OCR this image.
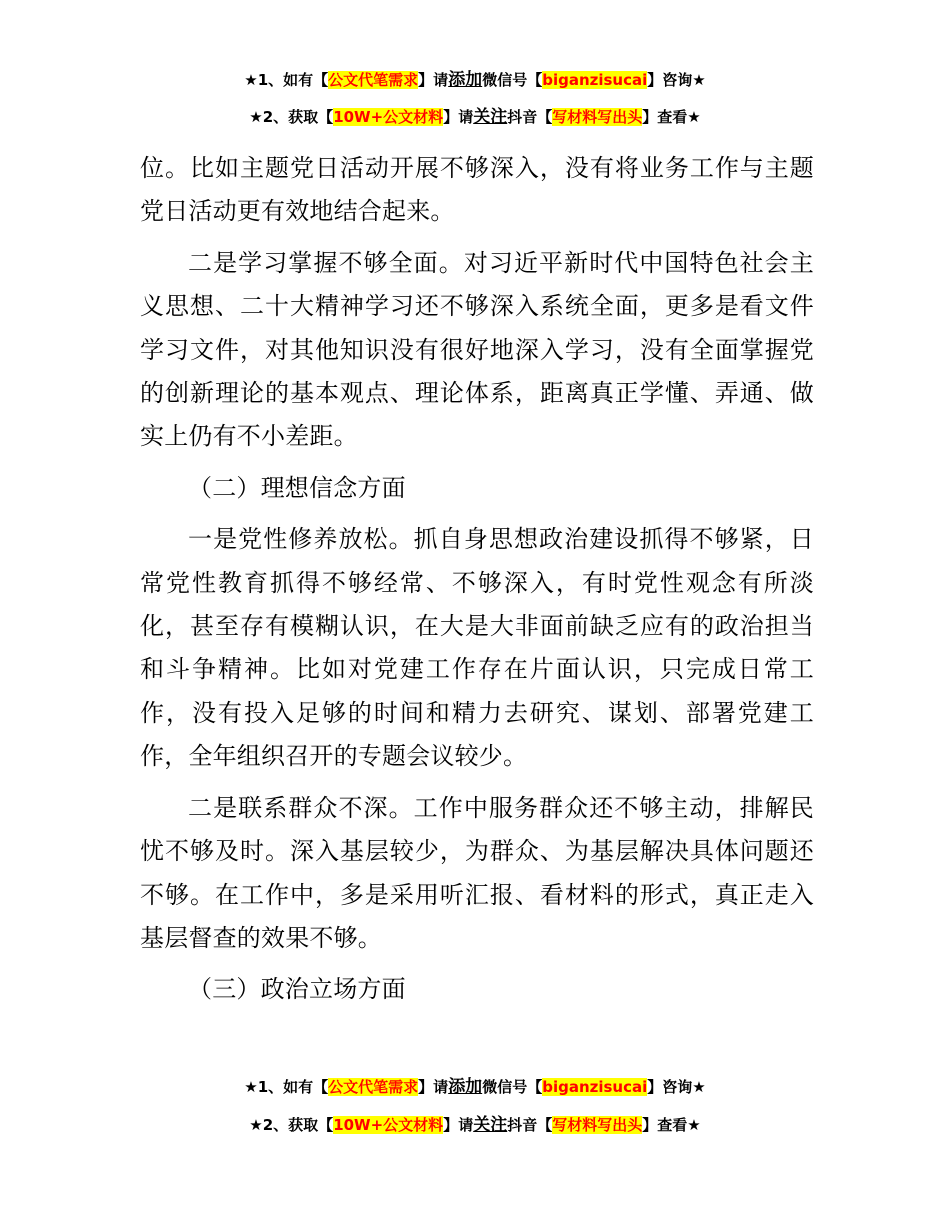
★1、如有【公文代笔需求】请添加微信号【biganzisucai】咨询★
★2、获取【10W+公文材料】请关注抖音【写材料写出头】查看★

位。比如主题党日活动开展不够深入，没有将业务工作与主题党日活动更有效地结合起来。

二是学习掌握不够全面。对习近平新时代中国特色社会主义思想、二十大精神学习还不够深入系统全面，更多是看文件学习文件，对其他知识没有很好地深入学习，没有全面掌握党的创新理论的基本观点、理论体系，距离真正学懂、弄通、做实上仍有不小差距。

（二）理想信念方面

一是党性修养放松。抓自身思想政治建设抓得不够紧，日常党性教育抓得不够经常、不够深入，有时党性观念有所淡化，甚至存有模糊认识，在大是大非面前缺乏应有的政治担当和斗争精神。比如对党建工作存在片面认识，只完成日常工作，没有投入足够的时间和精力去研究、谋划、部署党建工作，全年组织召开的专题会议较少。

二是联系群众不深。工作中服务群众还不够主动，排解民忧不够及时。深入基层较少，为群众、为基层解决具体问题还不够。在工作中，多是采用听汇报、看材料的形式，真正走入基层督查的效果不够。

（三）政治立场方面

★1、如有【公文代笔需求】请添加微信号【biganzisucai】咨询★
★2、获取【10W+公文材料】请关注抖音【写材料写出头】查看★
